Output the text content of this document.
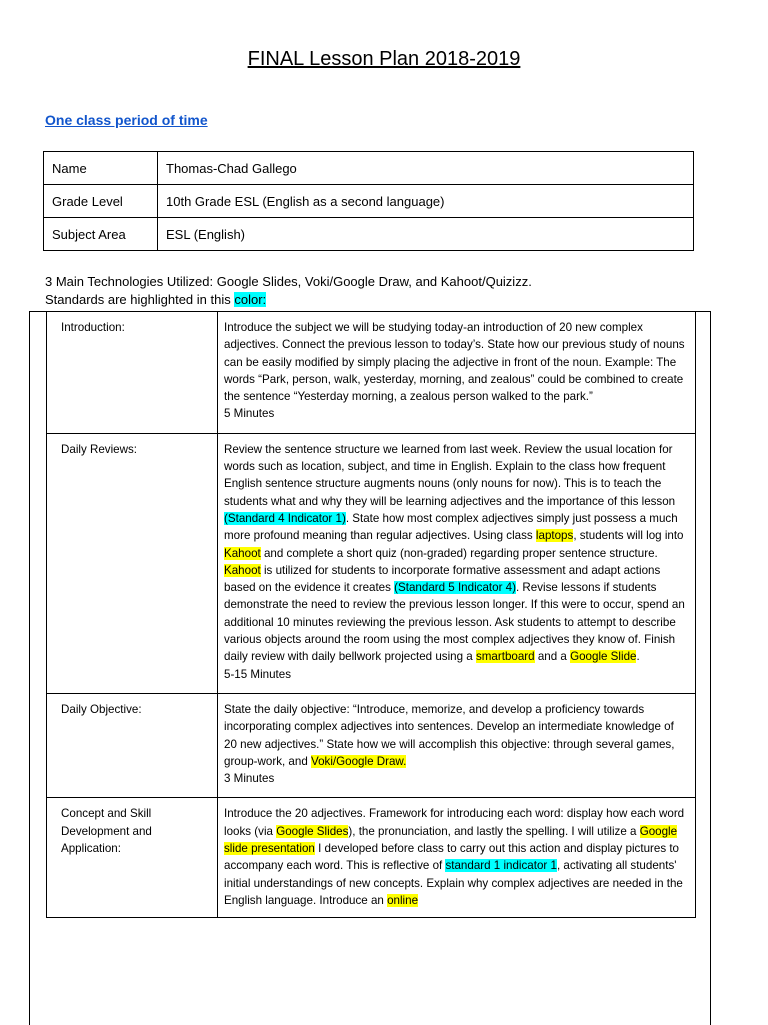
FINAL Lesson Plan 2018-2019
One class period of time
Name	Thomas-Chad Gallego
Grade Level	10th Grade ESL (English as a second language)
Subject Area	ESL (English)
3 Main Technologies Utilized: Google Slides, Voki/Google Draw, and Kahoot/Quizizz.
Standards are highlighted in this color:
Introduction:	Introduce the subject we will be studying today-an introduction of 20 new complex adjectives. Connect the previous lesson to today’s. State how our previous study of nouns can be easily modified by simply placing the adjective in front of the noun. Example: The words “Park, person, walk, yesterday, morning, and zealous” could be combined to create the sentence “Yesterday morning, a zealous person walked to the park.”
5 Minutes

Daily Reviews:	Review the sentence structure we learned from last week. Review the usual location for words such as location, subject, and time in English. Explain to the class how frequent English sentence structure augments nouns (only nouns for now). This is to teach the students what and why they will be learning adjectives and the importance of this lesson (Standard 4 Indicator 1). State how most complex adjectives simply just possess a much more profound meaning than regular adjectives. Using class laptops, students will log into Kahoot and complete a short quiz (non-graded) regarding proper sentence structure. Kahoot is utilized for students to incorporate formative assessment and adapt actions based on the evidence it creates (Standard 5 Indicator 4). Revise lessons if students demonstrate the need to review the previous lesson longer. If this were to occur, spend an additional 10 minutes reviewing the previous lesson. Ask students to attempt to describe various objects around the room using the most complex adjectives they know of. Finish daily review with daily bellwork projected using a smartboard and a Google Slide.
5-15 Minutes

Daily Objective:	State the daily objective: “Introduce, memorize, and develop a proficiency towards incorporating complex adjectives into sentences. Develop an intermediate knowledge of 20 new adjectives.” State how we will accomplish this objective: through several games, group-work, and Voki/Google Draw.
3 Minutes

Concept and Skill Development and Application:	Introduce the 20 adjectives. Framework for introducing each word: display how each word looks (via Google Slides), the pronunciation, and lastly the spelling. I will utilize a Google slide presentation I developed before class to carry out this action and display pictures to accompany each word. This is reflective of standard 1 indicator 1, activating all students' initial understandings of new concepts. Explain why complex adjectives are needed in the English language. Introduce an online
